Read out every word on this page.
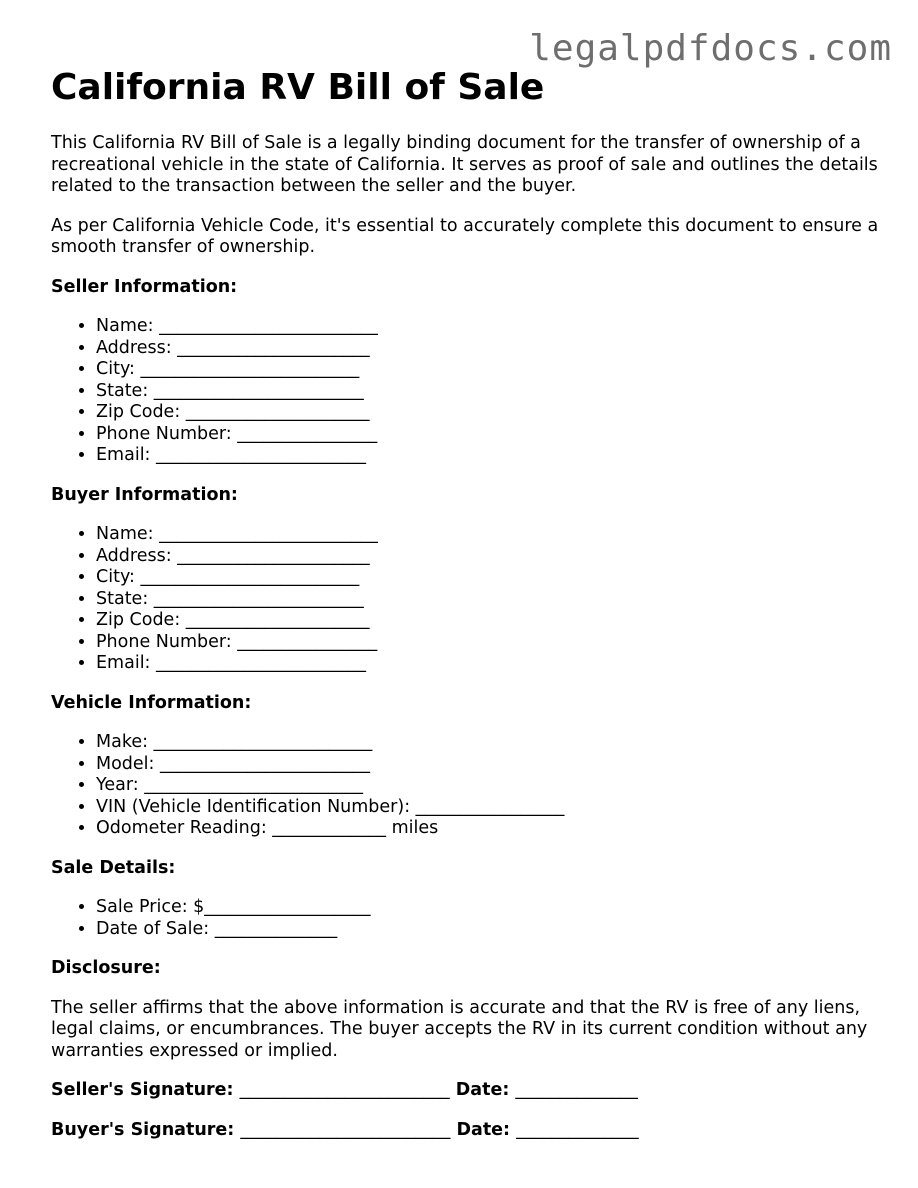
legalpdfdocs.com
California RV Bill of Sale

This California RV Bill of Sale is a legally binding document for the transfer of ownership of a recreational vehicle in the state of California. It serves as proof of sale and outlines the details related to the transaction between the seller and the buyer.

As per California Vehicle Code, it's essential to accurately complete this document to ensure a smooth transfer of ownership.

Seller Information:
• Name: _________________________
• Address: ______________________
• City: _________________________
• State: ________________________
• Zip Code: _____________________
• Phone Number: ________________
• Email: ________________________
Buyer Information:
• Name: _________________________
• Address: ______________________
• City: _________________________
• State: ________________________
• Zip Code: _____________________
• Phone Number: ________________
• Email: ________________________
Vehicle Information:
• Make: _________________________
• Model: ________________________
• Year: _________________________
• VIN (Vehicle Identification Number): _________________
• Odometer Reading: _____________ miles
Sale Details:
• Sale Price: $___________________
• Date of Sale: ______________
Disclosure:

The seller affirms that the above information is accurate and that the RV is free of any liens, legal claims, or encumbrances. The buyer accepts the RV in its current condition without any warranties expressed or implied.

Seller's Signature: ________________________ Date: ______________
Buyer's Signature: ________________________ Date: ______________
